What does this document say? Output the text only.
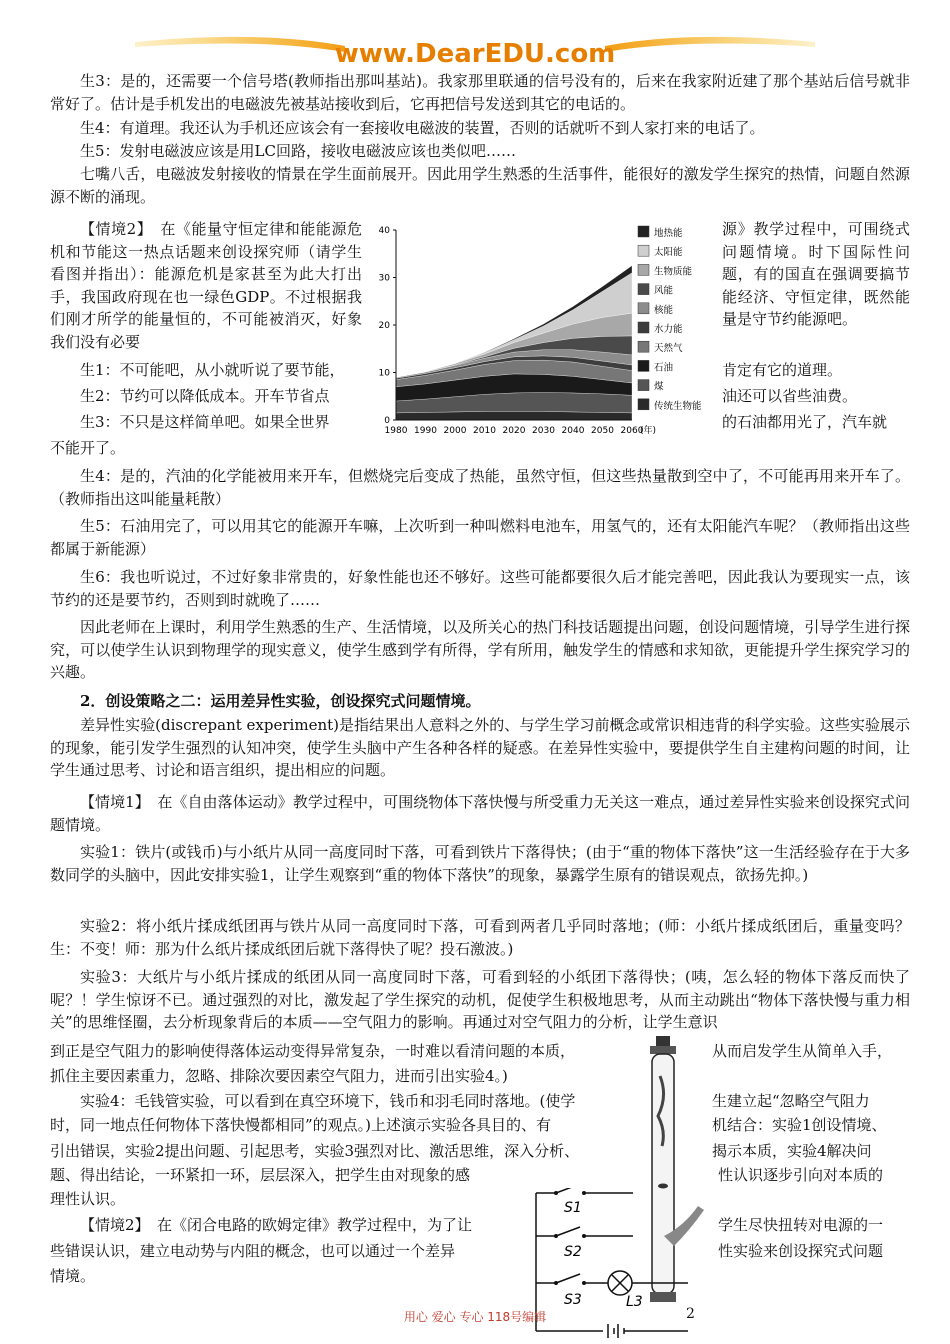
www.DearEDU.com

生3：是的，还需要一个信号塔(教师指出那叫基站)。我家那里联通的信号没有的，后来在我家附近建了那个基站后信号就非常好了。估计是手机发出的电磁波先被基站接收到后，它再把信号发送到其它的电话的。

生4：有道理。我还认为手机还应该会有一套接收电磁波的装置，否则的话就听不到人家打来的电话了。

生5：发射电磁波应该是用LC回路，接收电磁波应该也类似吧……

七嘴八舌，电磁波发射接收的情景在学生面前展开。因此用学生熟悉的生活事件，能很好的激发学生探究的热情，问题自然源源不断的涌现。

【情境2】　在《能量守恒定律和能能源危机和节能这一热点话题来创设探究师（请学生看图并指出）：能源危机是家甚至为此大打出手，我国政府现在也一绿色GDP。不过根据我们刚才所学的能量恒的，不可能被消灭，好象我们没有必要

源》教学过程中，可围绕式问题情境。时下国际性问题，有的国直在强调要搞节能经济、守恒定律，既然能量是守节约能源吧。

生1：不可能吧，从小就听说了要节能，	肯定有它的道理。

生2：节约可以降低成本。开车节省点	油还可以省些油费。

生3：不只是这样简单吧。如果全世界	的石油都用光了，汽车就

不能开了。

0
10
20
30
40
1980 1990 2000 2010 2020 2030 2040 2050 2060
(年)
地热能
太阳能
生物质能
风能
核能
水力能
天然气
石油
煤
传统生物能

生4：是的，汽油的化学能被用来开车，但燃烧完后变成了热能，虽然守恒，但这些热量散到空中了，不可能再用来开车了。（教师指出这叫能量耗散）

生5：石油用完了，可以用其它的能源开车嘛，上次听到一种叫燃料电池车，用氢气的，还有太阳能汽车呢？（教师指出这些都属于新能源）

生6：我也听说过，不过好象非常贵的，好象性能也还不够好。这些可能都要很久后才能完善吧，因此我认为要现实一点，该节约的还是要节约，否则到时就晚了……

因此老师在上课时，利用学生熟悉的生产、生活情境，以及所关心的热门科技话题提出问题，创设问题情境，引导学生进行探究，可以使学生认识到物理学的现实意义，使学生感到学有所得，学有所用，触发学生的情感和求知欲，更能提升学生探究学习的兴趣。

2．创设策略之二：运用差异性实验，创设探究式问题情境。

差异性实验(discrepant experiment)是指结果出人意料之外的、与学生学习前概念或常识相违背的科学实验。这些实验展示的现象，能引发学生强烈的认知冲突，使学生头脑中产生各种各样的疑惑。在差异性实验中，要提供学生自主建构问题的时间，让学生通过思考、讨论和语言组织，提出相应的问题。

【情境1】　在《自由落体运动》教学过程中，可围绕物体下落快慢与所受重力无关这一难点，通过差异性实验来创设探究式问题情境。

实验1：铁片(或钱币)与小纸片从同一高度同时下落，可看到铁片下落得快；(由于“重的物体下落快”这一生活经验存在于大多数同学的头脑中，因此安排实验1，让学生观察到“重的物体下落快”的现象，暴露学生原有的错误观点，欲扬先抑。)

实验2：将小纸片揉成纸团再与铁片从同一高度同时下落，可看到两者几乎同时落地；(师：小纸片揉成纸团后，重量变吗？生：不变！师：那为什么纸片揉成纸团后就下落得快了呢？投石激波。)

实验3：大纸片与小纸片揉成的纸团从同一高度同时下落，可看到轻的小纸团下落得快；(咦，怎么轻的物体下落反而快了呢？！学生惊讶不已。通过强烈的对比，激发起了学生探究的动机，促使学生积极地思考，从而主动跳出“物体下落快慢与重力相关”的思维怪圈，去分析现象背后的本质——空气阻力的影响。再通过对空气阻力的分析，让学生意识

到正是空气阻力的影响使得落体运动变得异常复杂，一时难以看清问题的本质，	从而启发学生从简单入手，

抓住主要因素重力，忽略、排除次要因素空气阻力，进而引出实验4。)

实验4：毛钱管实验，可以看到在真空环境下，钱币和羽毛同时落地。(使学	生建立起“忽略空气阻力

时，同一地点任何物体下落快慢都相同”的观点。)上述演示实验各具目的、有	机结合：实验1创设情境、

引出错误，实验2提出问题、引起思考，实验3强烈对比、激活思维，深入分析、	揭示本质，实验4解决问

题、得出结论，一环紧扣一环，层层深入，把学生由对现象的感	性认识逐步引向对本质的

理性认识。

【情境2】　在《闭合电路的欧姆定律》教学过程中，为了让	学生尽快扭转对电源的一

些错误认识，建立电动势与内阻的概念，也可以通过一个差异	性实验来创设探究式问题

情境。

S1
S2
S3	L3
用心 爱心 专心 118号编辑	2
